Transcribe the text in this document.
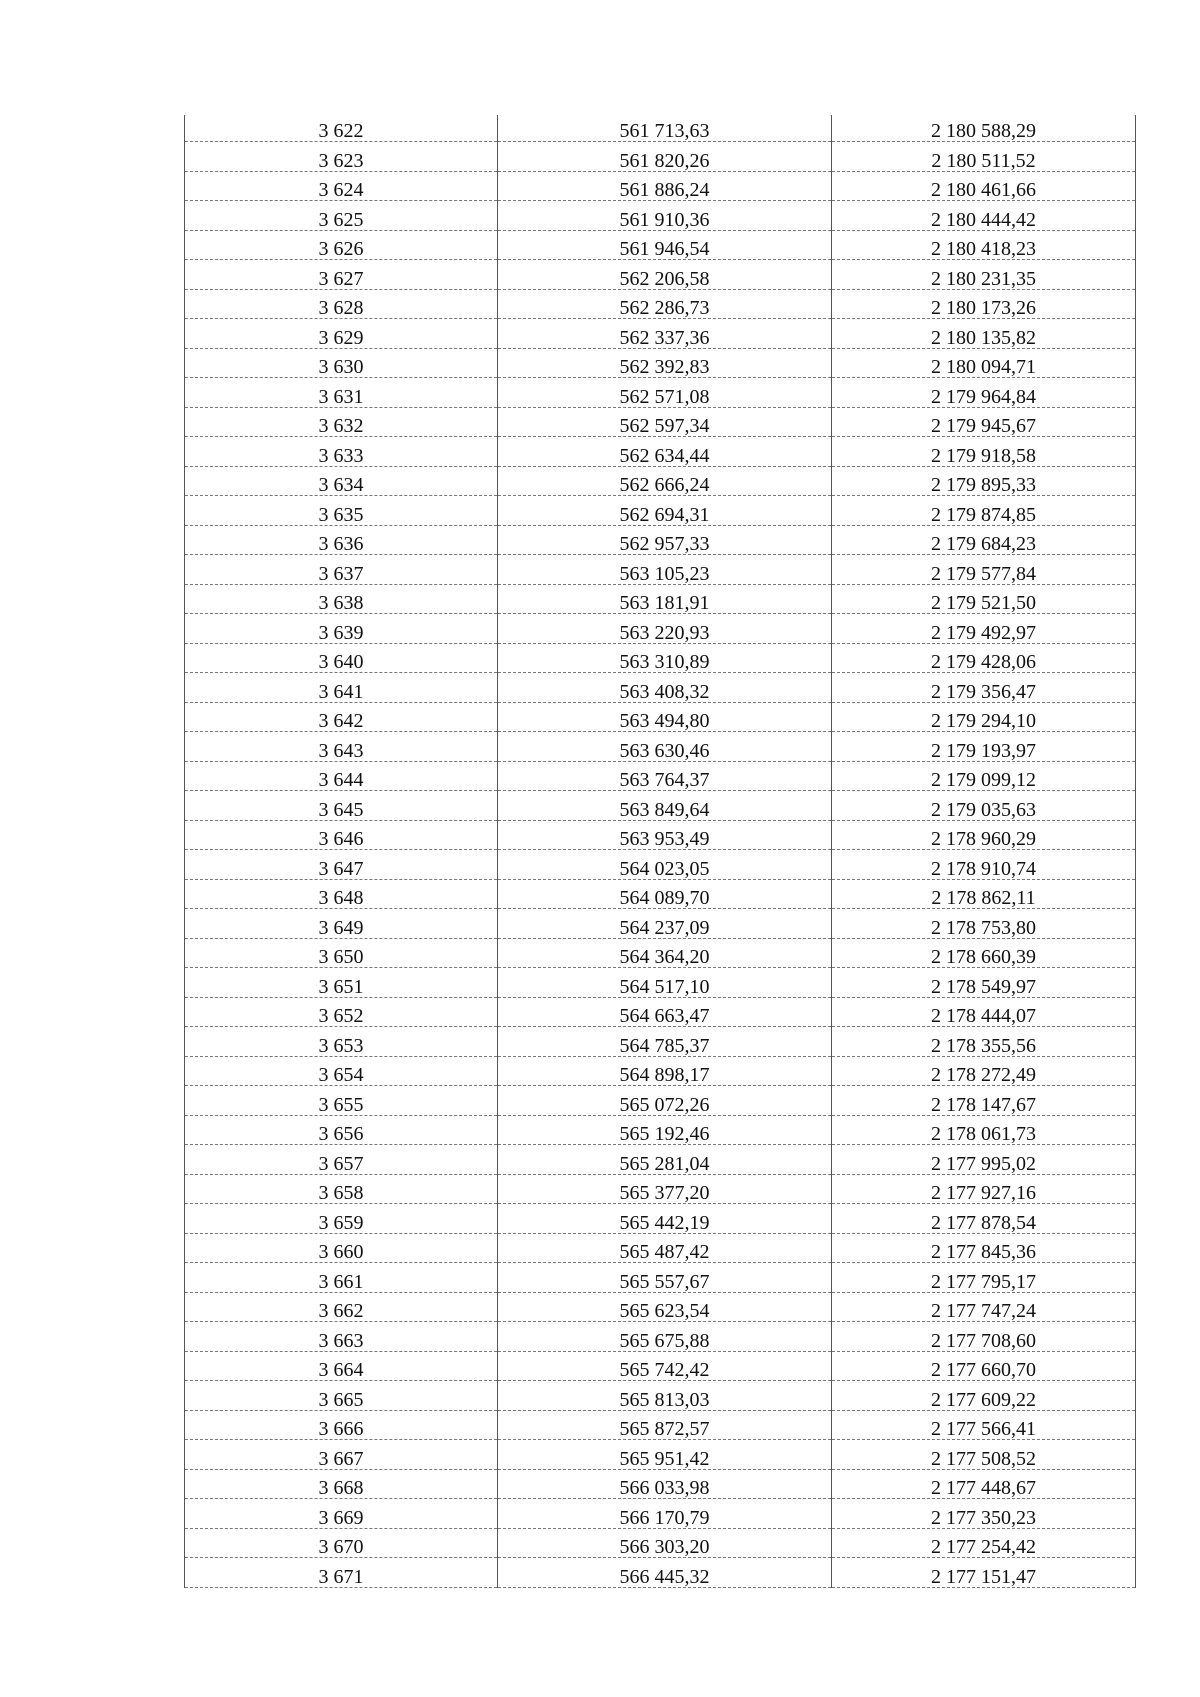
3 622	561 713,63	2 180 588,29
3 623	561 820,26	2 180 511,52
3 624	561 886,24	2 180 461,66
3 625	561 910,36	2 180 444,42
3 626	561 946,54	2 180 418,23
3 627	562 206,58	2 180 231,35
3 628	562 286,73	2 180 173,26
3 629	562 337,36	2 180 135,82
3 630	562 392,83	2 180 094,71
3 631	562 571,08	2 179 964,84
3 632	562 597,34	2 179 945,67
3 633	562 634,44	2 179 918,58
3 634	562 666,24	2 179 895,33
3 635	562 694,31	2 179 874,85
3 636	562 957,33	2 179 684,23
3 637	563 105,23	2 179 577,84
3 638	563 181,91	2 179 521,50
3 639	563 220,93	2 179 492,97
3 640	563 310,89	2 179 428,06
3 641	563 408,32	2 179 356,47
3 642	563 494,80	2 179 294,10
3 643	563 630,46	2 179 193,97
3 644	563 764,37	2 179 099,12
3 645	563 849,64	2 179 035,63
3 646	563 953,49	2 178 960,29
3 647	564 023,05	2 178 910,74
3 648	564 089,70	2 178 862,11
3 649	564 237,09	2 178 753,80
3 650	564 364,20	2 178 660,39
3 651	564 517,10	2 178 549,97
3 652	564 663,47	2 178 444,07
3 653	564 785,37	2 178 355,56
3 654	564 898,17	2 178 272,49
3 655	565 072,26	2 178 147,67
3 656	565 192,46	2 178 061,73
3 657	565 281,04	2 177 995,02
3 658	565 377,20	2 177 927,16
3 659	565 442,19	2 177 878,54
3 660	565 487,42	2 177 845,36
3 661	565 557,67	2 177 795,17
3 662	565 623,54	2 177 747,24
3 663	565 675,88	2 177 708,60
3 664	565 742,42	2 177 660,70
3 665	565 813,03	2 177 609,22
3 666	565 872,57	2 177 566,41
3 667	565 951,42	2 177 508,52
3 668	566 033,98	2 177 448,67
3 669	566 170,79	2 177 350,23
3 670	566 303,20	2 177 254,42
3 671	566 445,32	2 177 151,47
